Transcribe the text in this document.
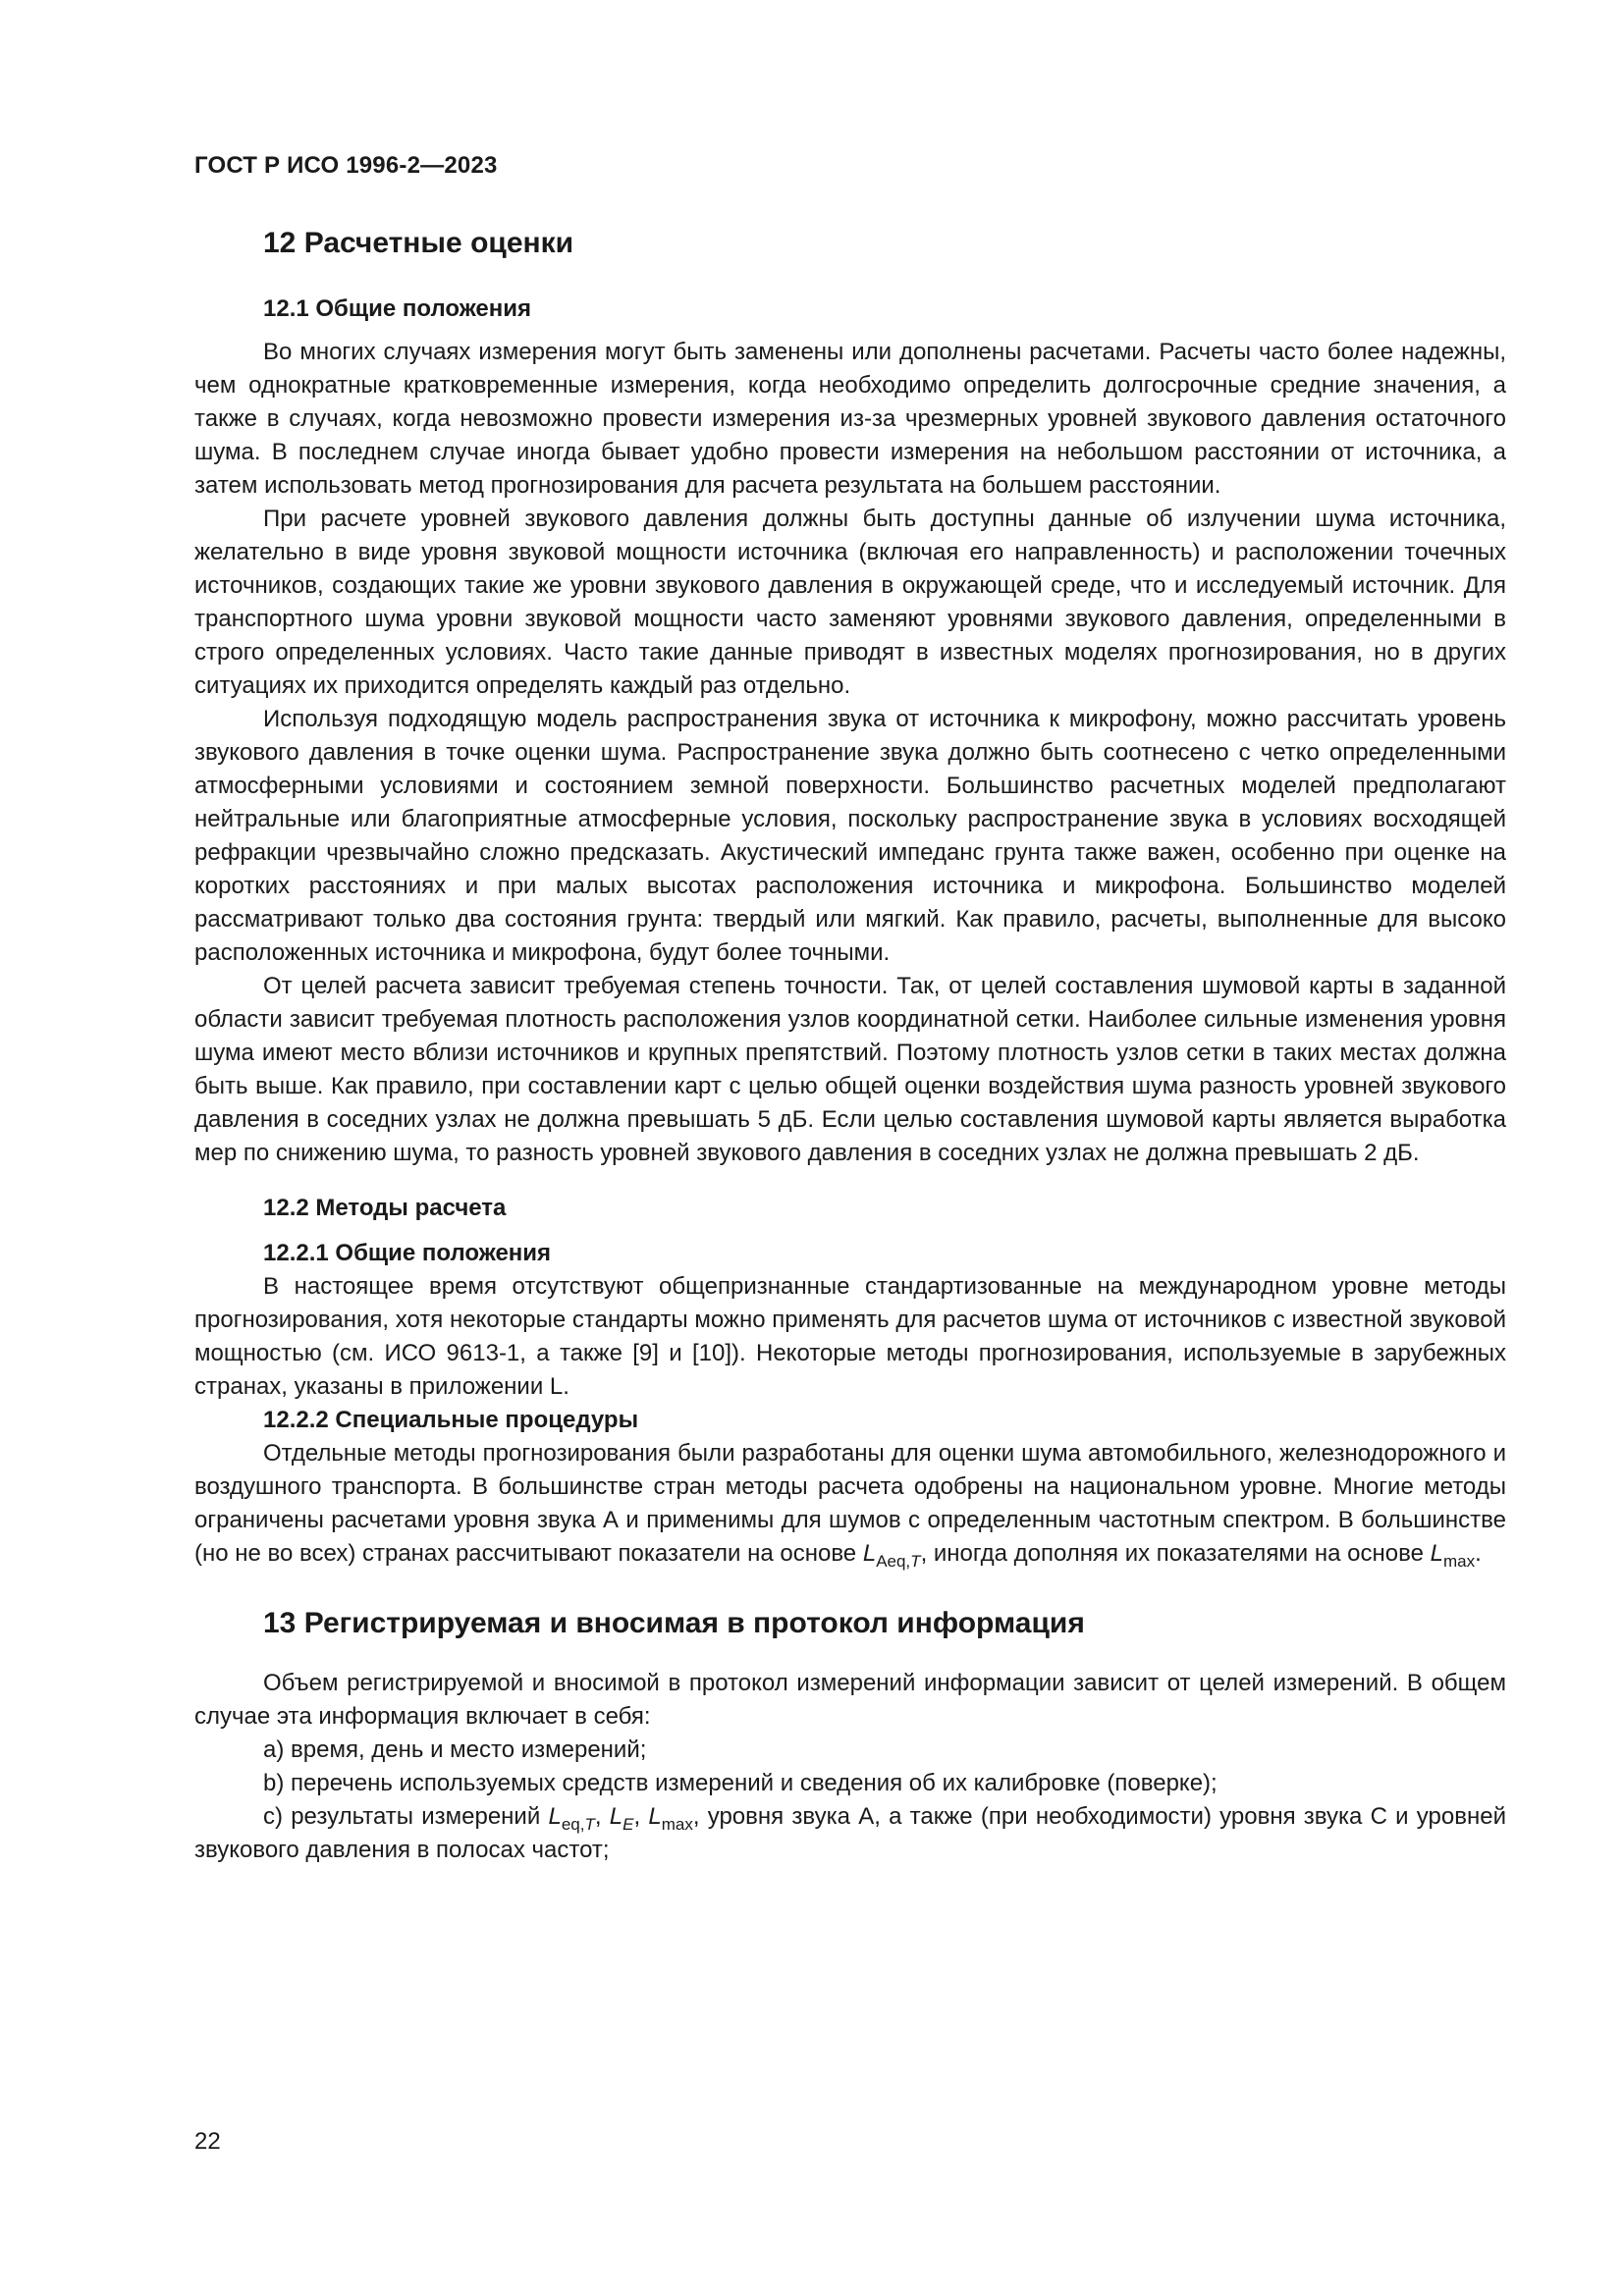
ГОСТ Р ИСО 1996-2—2023
12 Расчетные оценки
12.1 Общие положения

Во многих случаях измерения могут быть заменены или дополнены расчетами. Расчеты часто более надежны, чем однократные кратковременные измерения, когда необходимо определить долгосрочные средние значения, а также в случаях, когда невозможно провести измерения из-за чрезмерных уровней звукового давления остаточного шума. В последнем случае иногда бывает удобно провести измерения на небольшом расстоянии от источника, а затем использовать метод прогнозирования для расчета результата на большем расстоянии.

При расчете уровней звукового давления должны быть доступны данные об излучении шума источника, желательно в виде уровня звуковой мощности источника (включая его направленность) и расположении точечных источников, создающих такие же уровни звукового давления в окружающей среде, что и исследуемый источник. Для транспортного шума уровни звуковой мощности часто заменяют уровнями звукового давления, определенными в строго определенных условиях. Часто такие данные приводят в известных моделях прогнозирования, но в других ситуациях их приходится определять каждый раз отдельно.

Используя подходящую модель распространения звука от источника к микрофону, можно рассчитать уровень звукового давления в точке оценки шума. Распространение звука должно быть соотнесено с четко определенными атмосферными условиями и состоянием земной поверхности. Большинство расчетных моделей предполагают нейтральные или благоприятные атмосферные условия, поскольку распространение звука в условиях восходящей рефракции чрезвычайно сложно предсказать. Акустический импеданс грунта также важен, особенно при оценке на коротких расстояниях и при малых высотах расположения источника и микрофона. Большинство моделей рассматривают только два состояния грунта: твердый или мягкий. Как правило, расчеты, выполненные для высоко расположенных источника и микрофона, будут более точными.

От целей расчета зависит требуемая степень точности. Так, от целей составления шумовой карты в заданной области зависит требуемая плотность расположения узлов координатной сетки. Наиболее сильные изменения уровня шума имеют место вблизи источников и крупных препятствий. Поэтому плотность узлов сетки в таких местах должна быть выше. Как правило, при составлении карт с целью общей оценки воздействия шума разность уровней звукового давления в соседних узлах не должна превышать 5 дБ. Если целью составления шумовой карты является выработка мер по снижению шума, то разность уровней звукового давления в соседних узлах не должна превышать 2 дБ.

12.2 Методы расчета
12.2.1 Общие положения

В настоящее время отсутствуют общепризнанные стандартизованные на международном уровне методы прогнозирования, хотя некоторые стандарты можно применять для расчетов шума от источников с известной звуковой мощностью (см. ИСО 9613-1, а также [9] и [10]). Некоторые методы прогнозирования, используемые в зарубежных странах, указаны в приложении L.

12.2.2 Специальные процедуры

Отдельные методы прогнозирования были разработаны для оценки шума автомобильного, железнодорожного и воздушного транспорта. В большинстве стран методы расчета одобрены на национальном уровне. Многие методы ограничены расчетами уровня звука А и применимы для шумов с определенным частотным спектром. В большинстве (но не во всех) странах рассчитывают показатели на основе $L_{Aeq,T}$, иногда дополняя их показателями на основе $L_{max}$.

13 Регистрируемая и вносимая в протокол информация

Объем регистрируемой и вносимой в протокол измерений информации зависит от целей измерений. В общем случае эта информация включает в себя:

a) время, день и место измерений;

b) перечень используемых средств измерений и сведения об их калибровке (поверке);

c) результаты измерений $L_{eq,T}$, $L_E$, $L_{max}$, уровня звука А, а также (при необходимости) уровня звука С и уровней звукового давления в полосах частот;

22
